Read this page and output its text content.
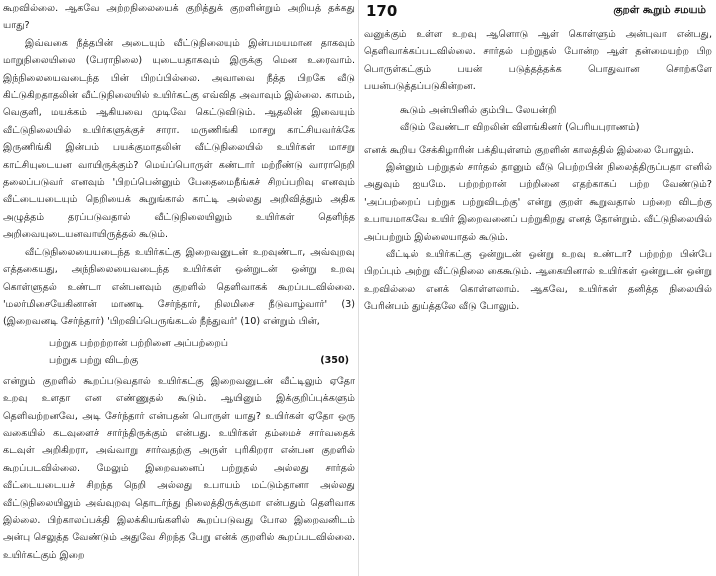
கூறவில்லை. ஆகவே அற்றநிலையைக் குறித்துக் குறளின்றும் அறியத் தக்கது யாது?

இவ்வகை நீத்தபின் அடையும் வீட்டுநிலையும் இன்பமயமான தாகவும் மாறுநிலையிலை (பேராநிலை) யுடையதாகவும் இருக்கு மென உரைவாம். இந்நிலையைவடைந்த பின் பிறப்பில்லை. அவாவை நீத்த பிறகே வீடு கிட்டுகிறதாதலின் வீட்டுநிலையில் உயிர்கட்கு எவ்வித அவாவும் இல்லை. காமம், வெகுளி, மயக்கம் ஆகியவை முடிவே கெட்டுவிடும். ஆதலின் இவையும் வீட்டுநிலையில் உயிர்களுக்குச் சாரா. மருணிங்கி மாசறு காட்சியவர்க்கே இருணிங்கி இன்பம் பயக்குமாதலின் வீட்டுநிலையில் உயிர்கள் மாசறு காட்சியுடையன வாயிருக்கும்? மெய்ப்பொருள் கண்டார் மற்றீண்டு வாராநெறி தலைப்படுவர் எனவும் 'பிறப்பென்னும் பேதைமைநீங்கச் சிறப்பறிவு எனவும் வீட்டையடையும் நெறியைக் கூறுங்கால் காட்டி அல்லது அறிவித்தும் அதிக அழுத்தம் தரப்படுவதால் வீட்டுநிலையிலும் உயிர்கள் தெளிந்த அறிவையுடையனவாயிருத்தல் கூடும்.

வீட்டுநிலையையடைந்த உயிர்கட்கு இறைவனுடன் உறவுண்டா, அவ்வுறவு எத்தகையது, அந்நிலையைவடைந்த உயிர்கள் ஒன்றுடன் ஒன்று உறவு கொள்ளுதல் உண்டா என்பனவும் குறளில் தெளிவாகக் கூறப்படவில்லை. 'மலர்மிசையேகினான் மாணடி சேர்ந்தார், நிலமிசை நீடுவாழ்வார்' (3) (இறைவனடி சேர்ந்தார்) 'பிறவிப்பெருங்கடல் நீந்துவர்' (10) என்றும் பின்,

பற்றுக பற்றற்றான் பற்றினை அப்பற்றைப்
பற்றுக பற்று விடற்கு	(350)

என்றும் குறளில் கூறப்படுவதால் உயிர்கட்கு இறைவனுடன் வீட்டிலும் ஏதோ உறவு உளதா என எண்ணுதல் கூடும். ஆயினும் இக்குறிப்புக்களும் தெளிவற்றனவே, அடி சேர்ந்தார் என்பதன் பொருள் யாது? உயிர்கள் ஏதோ ஒரு வகையில் கடவுளைச் சார்ந்திருக்கும் என்பது. உயிர்கள் தம்மைச் சார்வதைக் கடவுள் அறிகிறரா, அவ்வாறு சார்வதற்கு அருள் புரிகிறரா என்பன குறளில் கூறப்படவில்லை. மேலும் இறைவனைப் பற்றுதல் அல்லது சார்தல் வீட்டையடையச் சிறந்த நெறி அல்லது உபாயம் மட்டும்தானா அல்லது வீட்டுநிலையிலும் அவ்வுறவு தொடர்ந்து நிலைத்திருக்குமா என்பதும் தெளிவாக இல்லை. பிற்காலப்பக்தி இலக்கியங்களில் கூறப்படுவது போல இறைவனிடம் அன்பு செலுத்த வேண்டும் அதுவே சிறந்த பேறு என்க் குறளில் கூறப்படவில்லை. உயிர்கட்கும் இறை

170	குறள் கூறும் சமயம்

வனுக்கும் உள்ள உறவு ஆளொடு ஆள் கொள்ளும் அன்புவா என்பது, தெளிவாக்கப்படவில்லை. சார்தல் பற்றுதல் போன்ற ஆள் தன்மையற்ற பிற பொருள்கட்கும் பயன் படுத்தத்தக்க பொதுவான சொற்களே பயன்படுத்தப்படுகின்றன.

கூடும் அன்பினில் கும்பிட லேயன்றி
வீடும் வேண்டா விறலின் விளங்கினர் (பெரியபுராணம்)

எனக் கூறிய சேக்கிழாரின் பக்தியுள்ளம் குறளின் காலத்தில் இல்லை போலும்.

இன்னும் பற்றுதல் சார்தல் தானும் வீடு பெற்றபின் நிலைத்திருப்பதா எனில் அதுவும் ஐயமே. பற்றற்றான் பற்றினை எதற்காகப் பற்ற வேண்டும்? 'அப்பற்றைப் பற்றுக பற்றுவிடற்கு' என்று குறள் கூறுவதால் பற்றை விடற்கு உபாயமாகவே உயிர் இறைவனைப் பற்றுகிறது எனத் தோன்றும். வீட்டுநிலையில் அப்பற்றும் இல்லையாதல் கூடும்.

வீட்டில் உயிர்கட்கு ஒன்றுடன் ஒன்று உறவு உண்டா? பற்றற்ற பின்பே பிறப்பும் அற்று வீட்டுநிலை கைகூடும். ஆகையினால் உயிர்கள் ஒன்றுடன் ஒன்று உறவில்லை எனக் கொள்ளலாம். ஆகவே, உயிர்கள் தனித்த நிலையில் பேரின்பம் துய்த்தலே வீடு போலும்.
